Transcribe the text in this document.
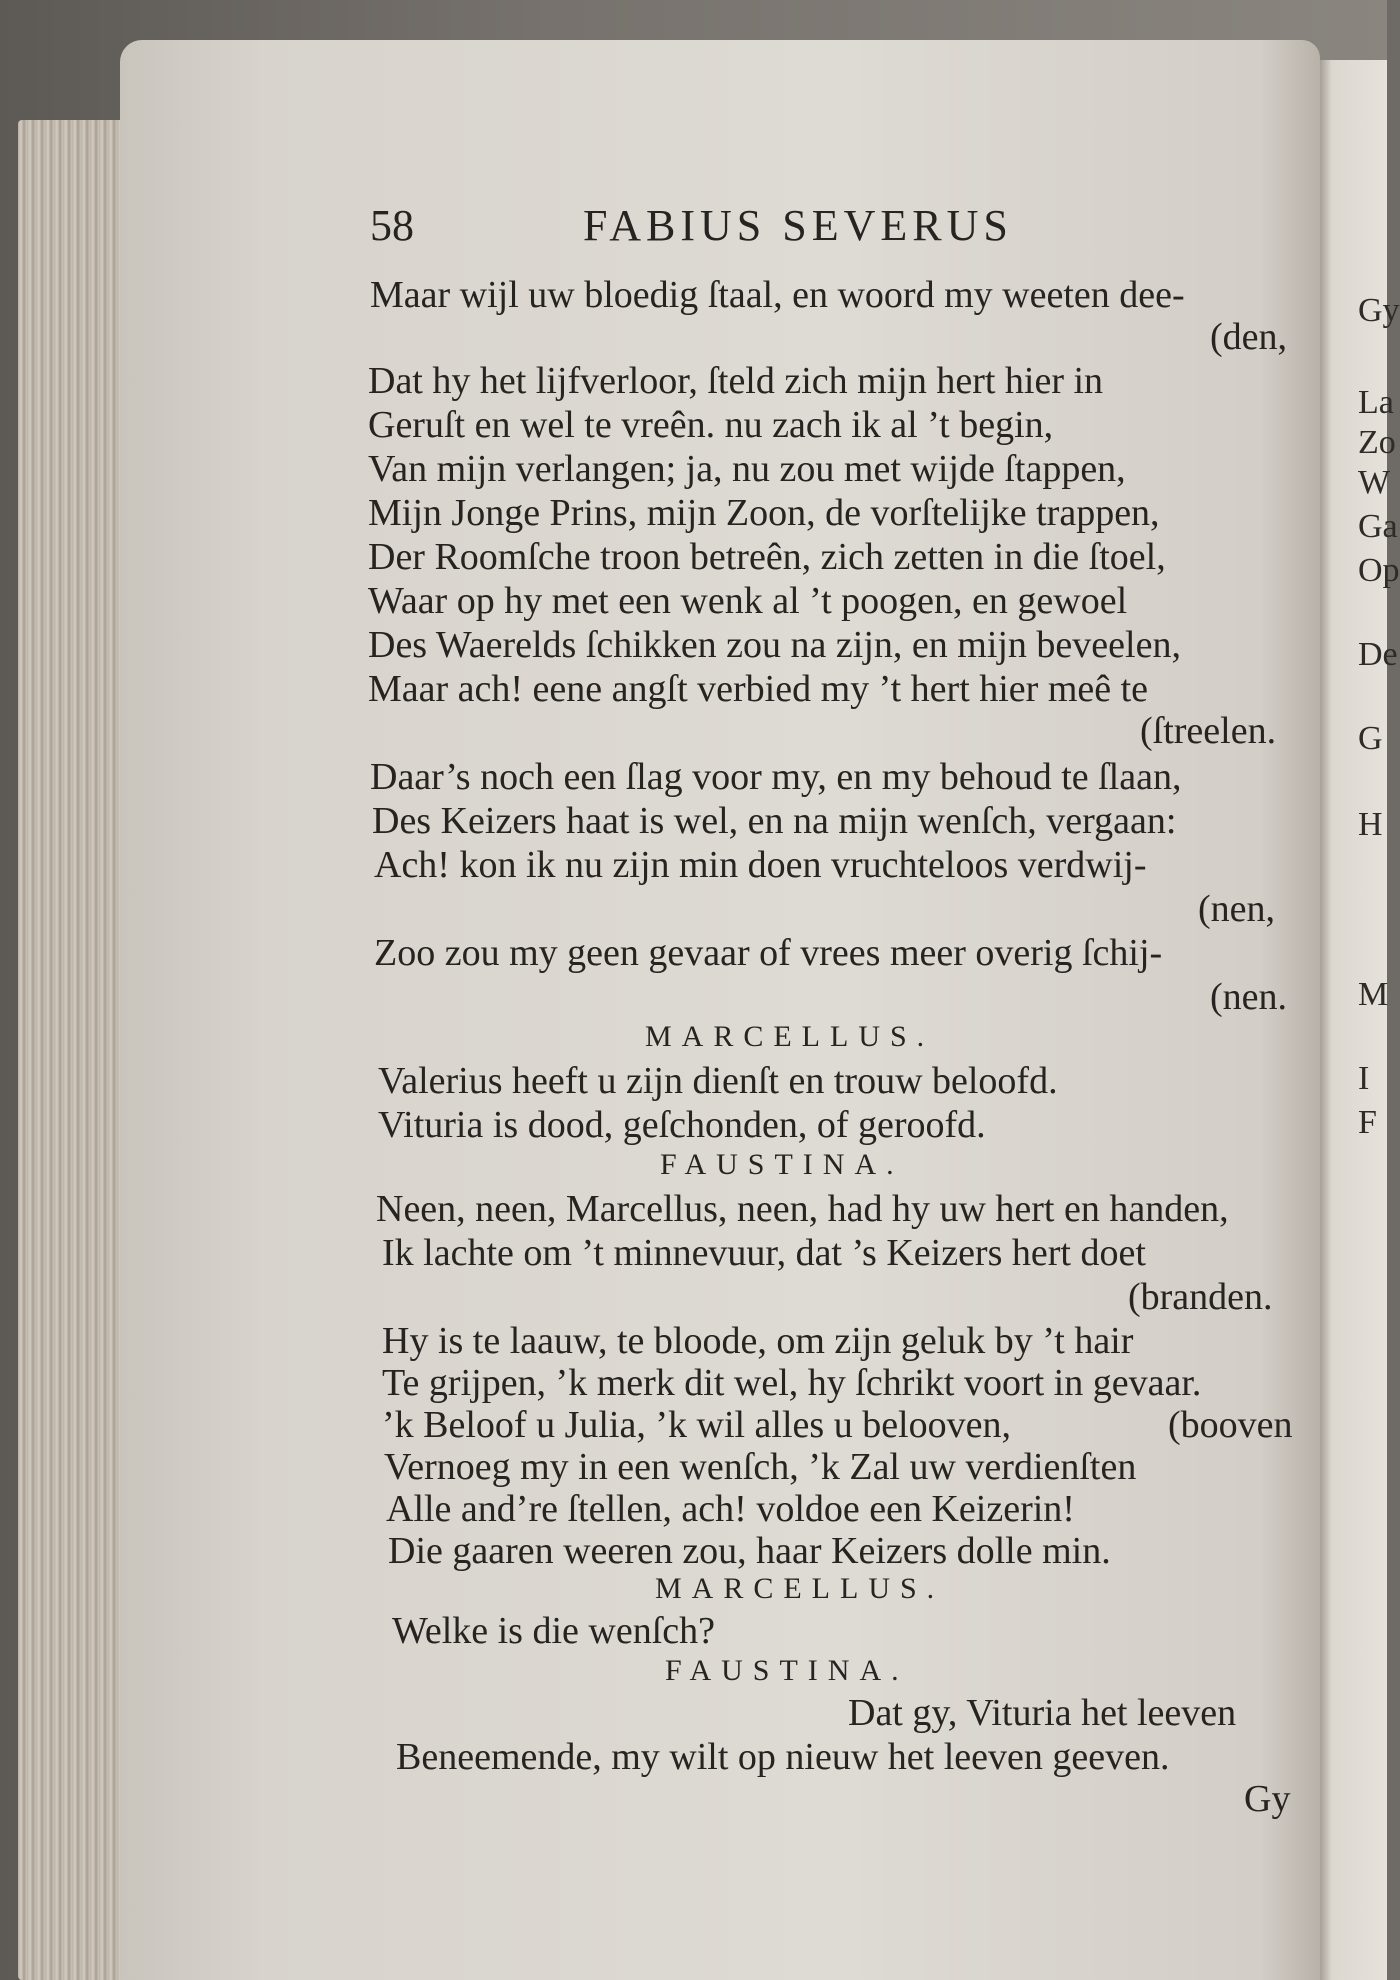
58	FABIUS SEVERUS
Maar wijl uw bloedig ſtaal, en woord my weeten dee-
(den,
Dat hy het lijfverloor, ſteld zich mijn hert hier in
Geruſt en wel te vreên. nu zach ik al ’t begin,
Van mijn verlangen; ja, nu zou met wijde ſtappen,
Mijn Jonge Prins, mijn Zoon, de vorſtelijke trappen,
Der Roomſche troon betreên, zich zetten in die ſtoel,
Waar op hy met een wenk al ’t poogen, en gewoel
Des Waerelds ſchikken zou na zijn, en mijn beveelen,
Maar ach! eene angſt verbied my ’t hert hier meê te
(ſtreelen.
Daar’s noch een ſlag voor my, en my behoud te ſlaan,
Des Keizers haat is wel, en na mijn wenſch, vergaan:
Ach! kon ik nu zijn min doen vruchteloos verdwij-
(nen,
Zoo zou my geen gevaar of vrees meer overig ſchij-
(nen.
MARCELLUS.
Valerius heeft u zijn dienſt en trouw beloofd.
Vituria is dood, geſchonden, of geroofd.
FAUSTINA.
Neen, neen, Marcellus, neen, had hy uw hert en handen,
Ik lachte om ’t minnevuur, dat ’s Keizers hert doet
(branden.
Hy is te laauw, te bloode, om zijn geluk by ’t hair
Te grijpen, ’k merk dit wel, hy ſchrikt voort in gevaar.
’k Beloof u Julia, ’k wil alles u belooven,	(booven
Vernoeg my in een wenſch, ’k Zal uw verdienſten
Alle and’re ſtellen, ach! voldoe een Keizerin!
Die gaaren weeren zou, haar Keizers dolle min.
MARCELLUS.
Welke is die wenſch?
FAUSTINA.
Dat gy, Vituria het leeven
Beneemende, my wilt op nieuw het leeven geeven.
Gy
Gy
La
Zo
W
Ga
Op
De
G
H
M
I
F
